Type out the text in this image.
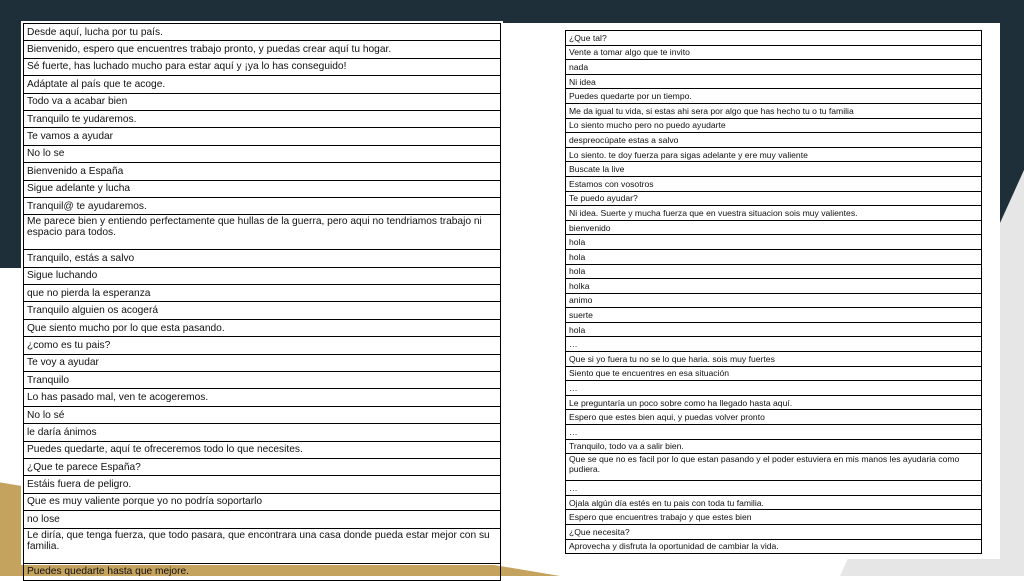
Desde aquí, lucha por tu país.
Bienvenido, espero que encuentres trabajo pronto, y puedas crear aquí tu hogar.
Sé fuerte, has luchado mucho para estar aquí y ¡ya lo has conseguido!
Adáptate al país que te acoge.
Todo va a acabar bien
Tranquilo te yudaremos.
Te vamos a ayudar
No lo se
Bienvenido a España
Sigue adelante y lucha
Tranquil@ te ayudaremos.
Me parece bien y entiendo perfectamente que hullas de la guerra, pero aqui no tendriamos trabajo ni espacio para todos.
Tranquilo, estás a salvo
Sigue luchando
que no pierda la esperanza
Tranquilo alguien os acogerá
Que siento mucho por lo que esta pasando.
¿como es tu pais?
Te voy a ayudar
Tranquilo
Lo has pasado mal, ven te acogeremos.
No lo sé
le daría ánimos
Puedes quedarte, aquí te ofreceremos todo lo que necesites.
¿Que te parece España?
Estáis fuera de peligro.
Que es muy valiente porque yo no podría soportarlo
no lose
Le diría, que tenga fuerza, que todo pasara, que encontrara una casa donde pueda estar mejor con su familia.
Puedes quedarte hasta que mejore.
¿Que tal?
Vente a tomar algo que te invito
nada
Ni idea
Puedes quedarte por un tiempo.
Me da igual tu vida, si estas ahi sera por algo que has hecho tu o tu familia
Lo siento mucho pero no puedo ayudarte
despreocúpate estas a salvo
Lo siento. te doy fuerza para sigas adelante y ere muy valiente
Buscate la live
Estamos con vosotros
Te puedo ayudar?
Ni idea. Suerte y mucha fuerza que en vuestra situacion sois muy valientes.
bienvenido
hola
hola
hola
holka
animo
suerte
hola
…
Que si yo fuera tu no se lo que haria. sois muy fuertes
Siento que te encuentres en esa situación
…
Le preguntaría un poco sobre como ha llegado hasta aquí.
Espero que estes bien aqui, y puedas volver pronto
…
Tranquilo, todo va a salir bien.
Que se que no es facil por lo que estan pasando y el poder estuviera en mis manos les ayudaria como pudiera.
…
Ojala algún día estés en tu pais con toda tu familia.
Espero que encuentres trabajo y que estes bien
¿Que necesita?
Aprovecha y disfruta la oportunidad de cambiar la vida.
